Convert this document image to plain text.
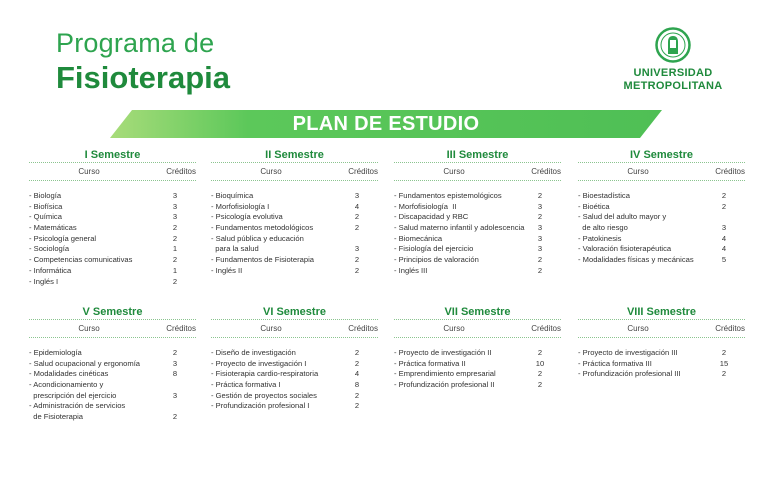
Programa de
Fisioterapia	UNIVERSIDAD
METROPOLITANA
PLAN DE ESTUDIO
I Semestre
Curso	Créditos
- Biología	3
- Biofísica	3
- Química	3
- Matemáticas	2
- Psicología general	2
- Sociología	1
- Competencias comunicativas	2
- Informática	1
- Inglés I	2
II Semestre
Curso	Créditos
- Bioquímica	3
- Morfofisiología I	4
- Psicología evolutiva	2
- Fundamentos metodológicos	2
- Salud pública y educación
para la salud	3
- Fundamentos de Fisioterapia	2
- Inglés II	2
III Semestre
Curso	Créditos
- Fundamentos epistemológicos	2
- Morfofisiología  II	3
- Discapacidad y RBC	2
- Salud materno infantil y adolescencia	3
- Biomecánica	3
- Fisiología del ejercicio	3
- Principios de valoración	2
- Inglés III	2
IV Semestre
Curso	Créditos
- Bioestadística	2
- Bioética	2
- Salud del adulto mayor y
de alto riesgo	3
- Patokinesis	4
- Valoración fisioterapéutica	4
- Modalidades físicas y mecánicas	5
V Semestre
Curso	Créditos
- Epidemiología	2
- Salud ocupacional y ergonomía	3
- Modalidades cinéticas	8
- Acondicionamiento y
prescripción del ejercicio	3
- Administración de servicios
de Fisioterapia	2
VI Semestre
Curso	Créditos
- Diseño de investigación	2
- Proyecto de investigación I	2
- Fisioterapia cardio-respiratoria	4
- Práctica formativa I	8
- Gestión de proyectos sociales	2
- Profundización profesional I	2
VII Semestre
Curso	Créditos
- Proyecto de investigación II	2
- Práctica formativa II	10
- Emprendimiento empresarial	2
- Profundización profesional II	2
VIII Semestre
Curso	Créditos
- Proyecto de investigación III	2
- Práctica formativa III	15
- Profundización profesional III	2
